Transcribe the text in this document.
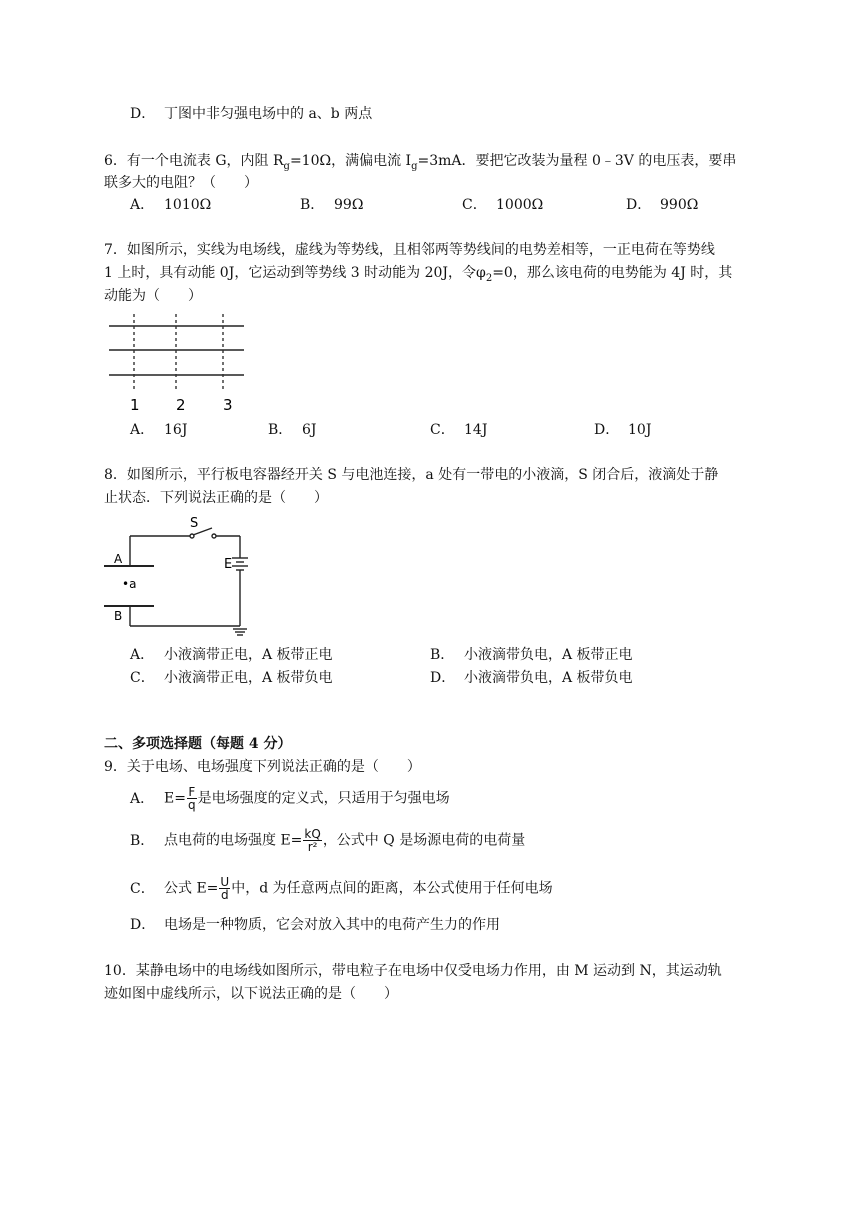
D． 丁图中非匀强电场中的 a、b 两点
6．有一个电流表 G，内阻 $R_g=10\Omega$，满偏电流 $I_g=3mA$．要把它改装为量程 0﹣3V 的电压表，要串
联多大的电阻？（　　）
A． 1010Ω	B． 99Ω	C． 1000Ω	D． 990Ω
7．如图所示，实线为电场线，虚线为等势线，且相邻两等势线间的电势差相等，一正电荷在等势线
1 上时，具有动能 0J，它运动到等势线 3 时动能为 20J，令$\varphi_2=0$，那么该电荷的电势能为 4J 时，其
动能为（　　）
1 2 3
A． 16J	B． 6J	C． 14J	D． 10J
8．如图所示，平行板电容器经开关 S 与电池连接，a 处有一带电的小液滴，S 闭合后，液滴处于静
止状态．下列说法正确的是（　　）
S
E
A
B
•a
A． 小液滴带正电，A 板带正电	B． 小液滴带负电，A 板带正电
C． 小液滴带正电，A 板带负电	D． 小液滴带负电，A 板带负电
二、多项选择题（每题 4 分）
9．关于电场、电场强度下列说法正确的是（　　）
A． $E= \frac{F}{q}$ 是电场强度的定义式，只适用于匀强电场
B． 点电荷的电场强度 $E= \frac{kQ}{\text{r²}}$ ，公式中 Q 是场源电荷的电荷量
C． 公式 $E= \frac{U}{d}$ 中，d 为任意两点间的距离，本公式使用于任何电场
D． 电场是一种物质，它会对放入其中的电荷产生力的作用
10．某静电场中的电场线如图所示，带电粒子在电场中仅受电场力作用，由 M 运动到 N，其运动轨
迹如图中虚线所示，以下说法正确的是（　　）
